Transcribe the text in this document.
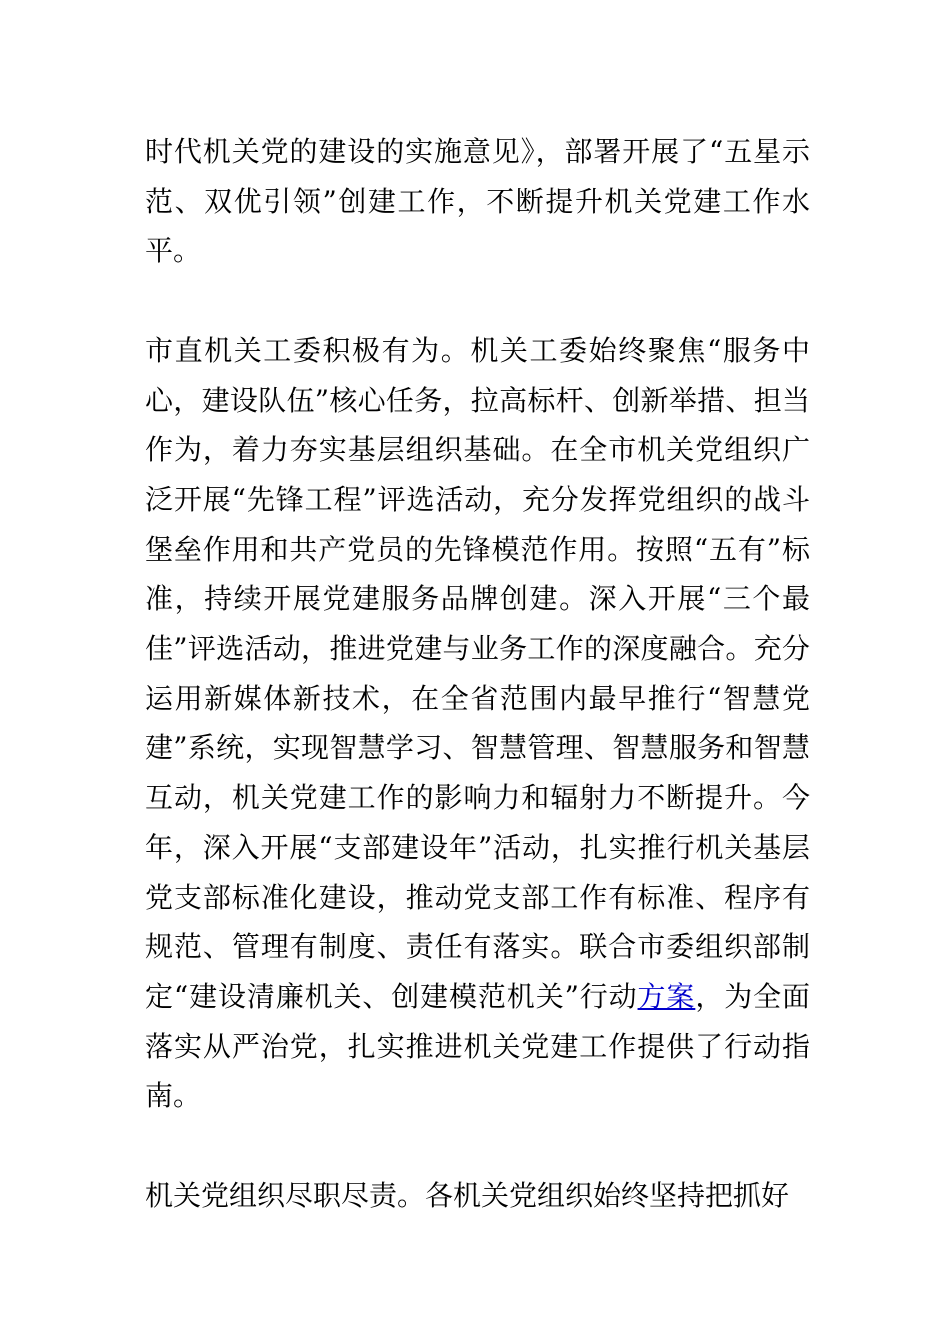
时代机关党的建设的实施意见》，部署开展了“五星示范、双优引领”创建工作，不断提升机关党建工作水平。

市直机关工委积极有为。机关工委始终聚焦“服务中心，建设队伍”核心任务，拉高标杆、创新举措、担当作为，着力夯实基层组织基础。在全市机关党组织广泛开展“先锋工程”评选活动，充分发挥党组织的战斗堡垒作用和共产党员的先锋模范作用。按照“五有”标准，持续开展党建服务品牌创建。深入开展“三个最佳”评选活动，推进党建与业务工作的深度融合。充分运用新媒体新技术，在全省范围内最早推行“智慧党建”系统，实现智慧学习、智慧管理、智慧服务和智慧互动，机关党建工作的影响力和辐射力不断提升。今年，深入开展“支部建设年”活动，扎实推行机关基层党支部标准化建设，推动党支部工作有标准、程序有规范、管理有制度、责任有落实。联合市委组织部制定“建设清廉机关、创建模范机关”行动方案，为全面落实从严治党，扎实推进机关党建工作提供了行动指南。

机关党组织尽职尽责。各机关党组织始终坚持把抓好
